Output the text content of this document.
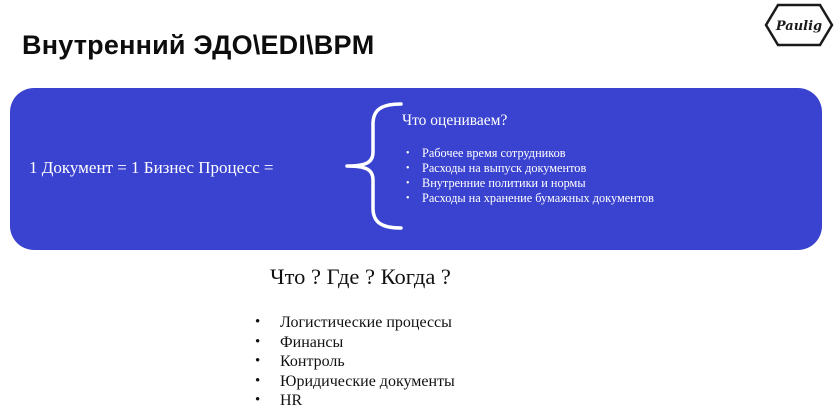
Внутренний ЭДО\EDI\BPM
Paulig
1 Документ = 1 Бизнес Процесс =
Что оцениваем?
• Рабочее время сотрудников
• Расходы на выпуск документов
• Внутренние политики и нормы
• Расходы на хранение бумажных документов
Что ? Где ? Когда ?
• Логистические процессы
• Финансы
• Контроль
• Юридические документы
• HR
